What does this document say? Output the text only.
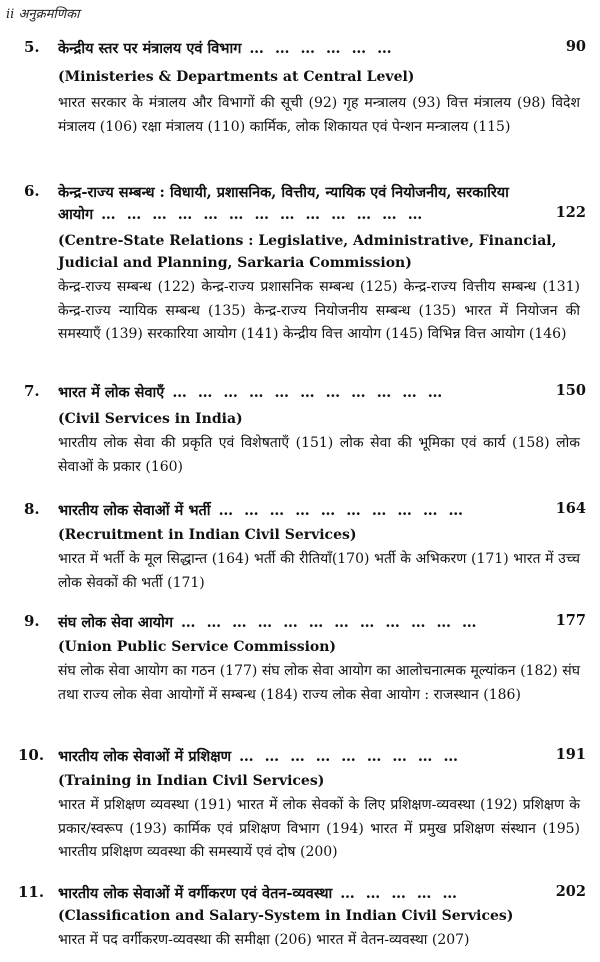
ii अनुक्रमणिका
5. केन्द्रीय स्तर पर मंत्रालय एवं विभाग … … … … … …	90
(Ministeries & Departments at Central Level)
भारत सरकार के मंत्रालय और विभागों की सूची (92) गृह मन्त्रालय (93) वित्त मंत्रालय (98) विदेश मंत्रालय (106) रक्षा मंत्रालय (110) कार्मिक, लोक शिकायत एवं पेन्शन मन्त्रालय (115)
6. केन्द्र-राज्य सम्बन्ध : विधायी, प्रशासनिक, वित्तीय, न्यायिक एवं नियोजनीय, सरकारिया
आयोग … … … … … … … … … … … … …	122
(Centre-State Relations : Legislative, Administrative, Financial, Judicial and Planning, Sarkaria Commission)
केन्द्र-राज्य सम्बन्ध (122) केन्द्र-राज्य प्रशासनिक सम्बन्ध (125) केन्द्र-राज्य वित्तीय सम्बन्ध (131) केन्द्र-राज्य न्यायिक सम्बन्ध (135) केन्द्र-राज्य नियोजनीय सम्बन्ध (135) भारत में नियोजन की समस्याएँ (139) सरकारिया आयोग (141) केन्द्रीय वित्त आयोग (145) विभिन्न वित्त आयोग (146)
7. भारत में लोक सेवाएँ … … … … … … … … … … …	150
(Civil Services in India)
भारतीय लोक सेवा की प्रकृति एवं विशेषताएँ (151) लोक सेवा की भूमिका एवं कार्य (158) लोक सेवाओं के प्रकार (160)
8. भारतीय लोक सेवाओं में भर्ती … … … … … … … … … …	164
(Recruitment in Indian Civil Services)
भारत में भर्ती के मूल सिद्धान्त (164) भर्ती की रीतियाँ(170) भर्ती के अभिकरण (171) भारत में उच्च लोक सेवकों की भर्ती (171)
9. संघ लोक सेवा आयोग … … … … … … … … … … … …	177
(Union Public Service Commission)
संघ लोक सेवा आयोग का गठन (177) संघ लोक सेवा आयोग का आलोचनात्मक मूल्यांकन (182) संघ तथा राज्य लोक सेवा आयोगों में सम्बन्ध (184) राज्य लोक सेवा आयोग : राजस्थान (186)
10. भारतीय लोक सेवाओं में प्रशिक्षण … … … … … … … … …	191
(Training in Indian Civil Services)
भारत में प्रशिक्षण व्यवस्था (191) भारत में लोक सेवकों के लिए प्रशिक्षण-व्यवस्था (192) प्रशिक्षण के प्रकार/स्वरूप (193) कार्मिक एवं प्रशिक्षण विभाग (194) भारत में प्रमुख प्रशिक्षण संस्थान (195) भारतीय प्रशिक्षण व्यवस्था की समस्यायें एवं दोष (200)
11. भारतीय लोक सेवाओं में वर्गीकरण एवं वेतन-व्यवस्था … … … … …	202
(Classification and Salary-System in Indian Civil Services)
भारत में पद वर्गीकरण-व्यवस्था की समीक्षा (206) भारत में वेतन-व्यवस्था (207)
